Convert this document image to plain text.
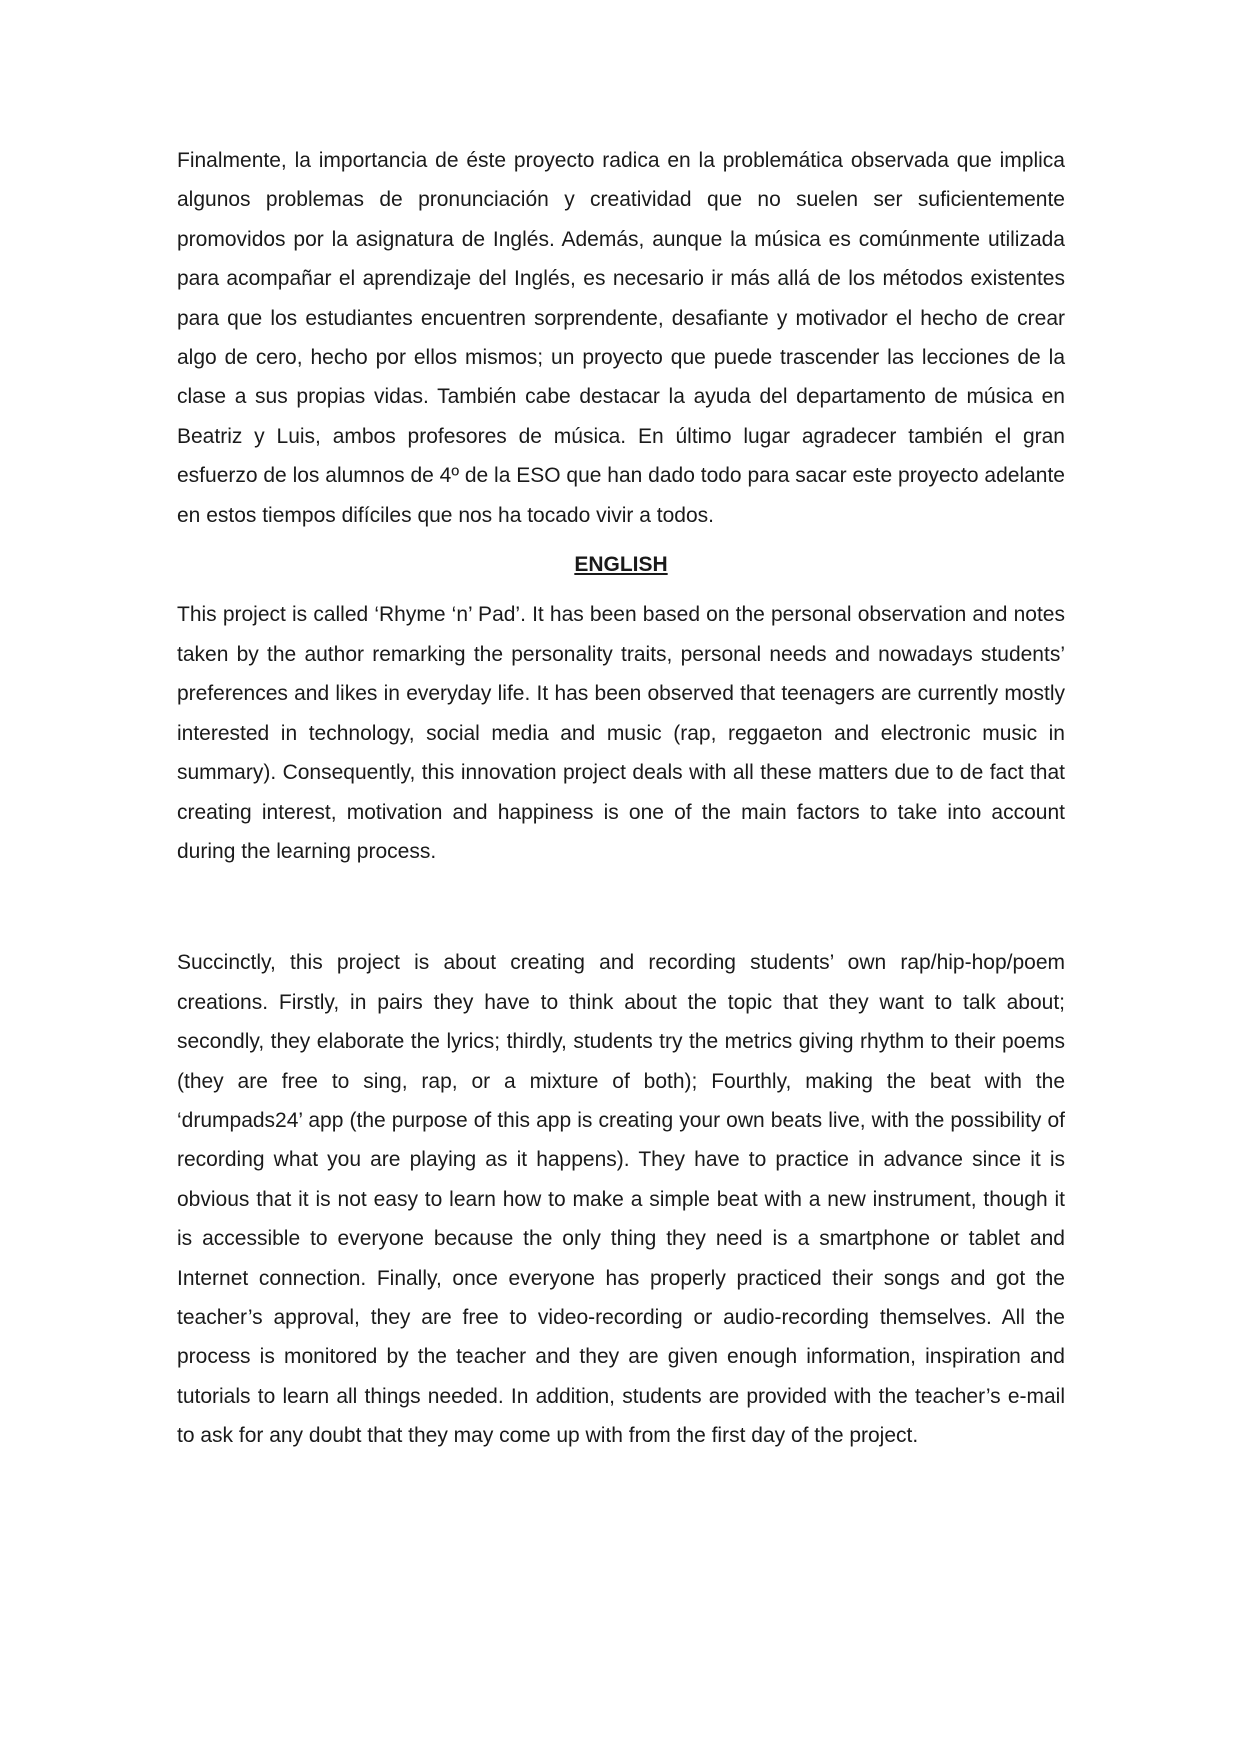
Finalmente, la importancia de éste proyecto radica en la problemática observada que implica algunos problemas de pronunciación y creatividad que no suelen ser suficientemente promovidos por la asignatura de Inglés. Además, aunque la música es comúnmente utilizada para acompañar el aprendizaje del Inglés, es necesario ir más allá de los métodos existentes para que los estudiantes encuentren sorprendente, desafiante y motivador el hecho de crear algo de cero, hecho por ellos mismos; un proyecto que puede trascender las lecciones de la clase a sus propias vidas. También cabe destacar la ayuda del departamento de música en Beatriz y Luis, ambos profesores de música. En último lugar agradecer también el gran esfuerzo de los alumnos de 4º de la ESO que han dado todo para sacar este proyecto adelante en estos tiempos difíciles que nos ha tocado vivir a todos.

ENGLISH

This project is called ‘Rhyme ‘n’ Pad’. It has been based on the personal observation and notes taken by the author remarking the personality traits, personal needs and nowadays students’ preferences and likes in everyday life. It has been observed that teenagers are currently mostly interested in technology, social media and music (rap, reggaeton and electronic music in summary). Consequently, this innovation project deals with all these matters due to de fact that creating interest, motivation and happiness is one of the main factors to take into account during the learning process.

Succinctly, this project is about creating and recording students’ own rap/hip-hop/poem creations. Firstly, in pairs they have to think about the topic that they want to talk about; secondly, they elaborate the lyrics; thirdly, students try the metrics giving rhythm to their poems (they are free to sing, rap, or a mixture of both); Fourthly, making the beat with the ‘drumpads24’ app (the purpose of this app is creating your own beats live, with the possibility of recording what you are playing as it happens). They have to practice in advance since it is obvious that it is not easy to learn how to make a simple beat with a new instrument, though it is accessible to everyone because the only thing they need is a smartphone or tablet and Internet connection. Finally, once everyone has properly practiced their songs and got the teacher’s approval, they are free to video-recording or audio-recording themselves. All the process is monitored by the teacher and they are given enough information, inspiration and tutorials to learn all things needed. In addition, students are provided with the teacher’s e-mail to ask for any doubt that they may come up with from the first day of the project.
